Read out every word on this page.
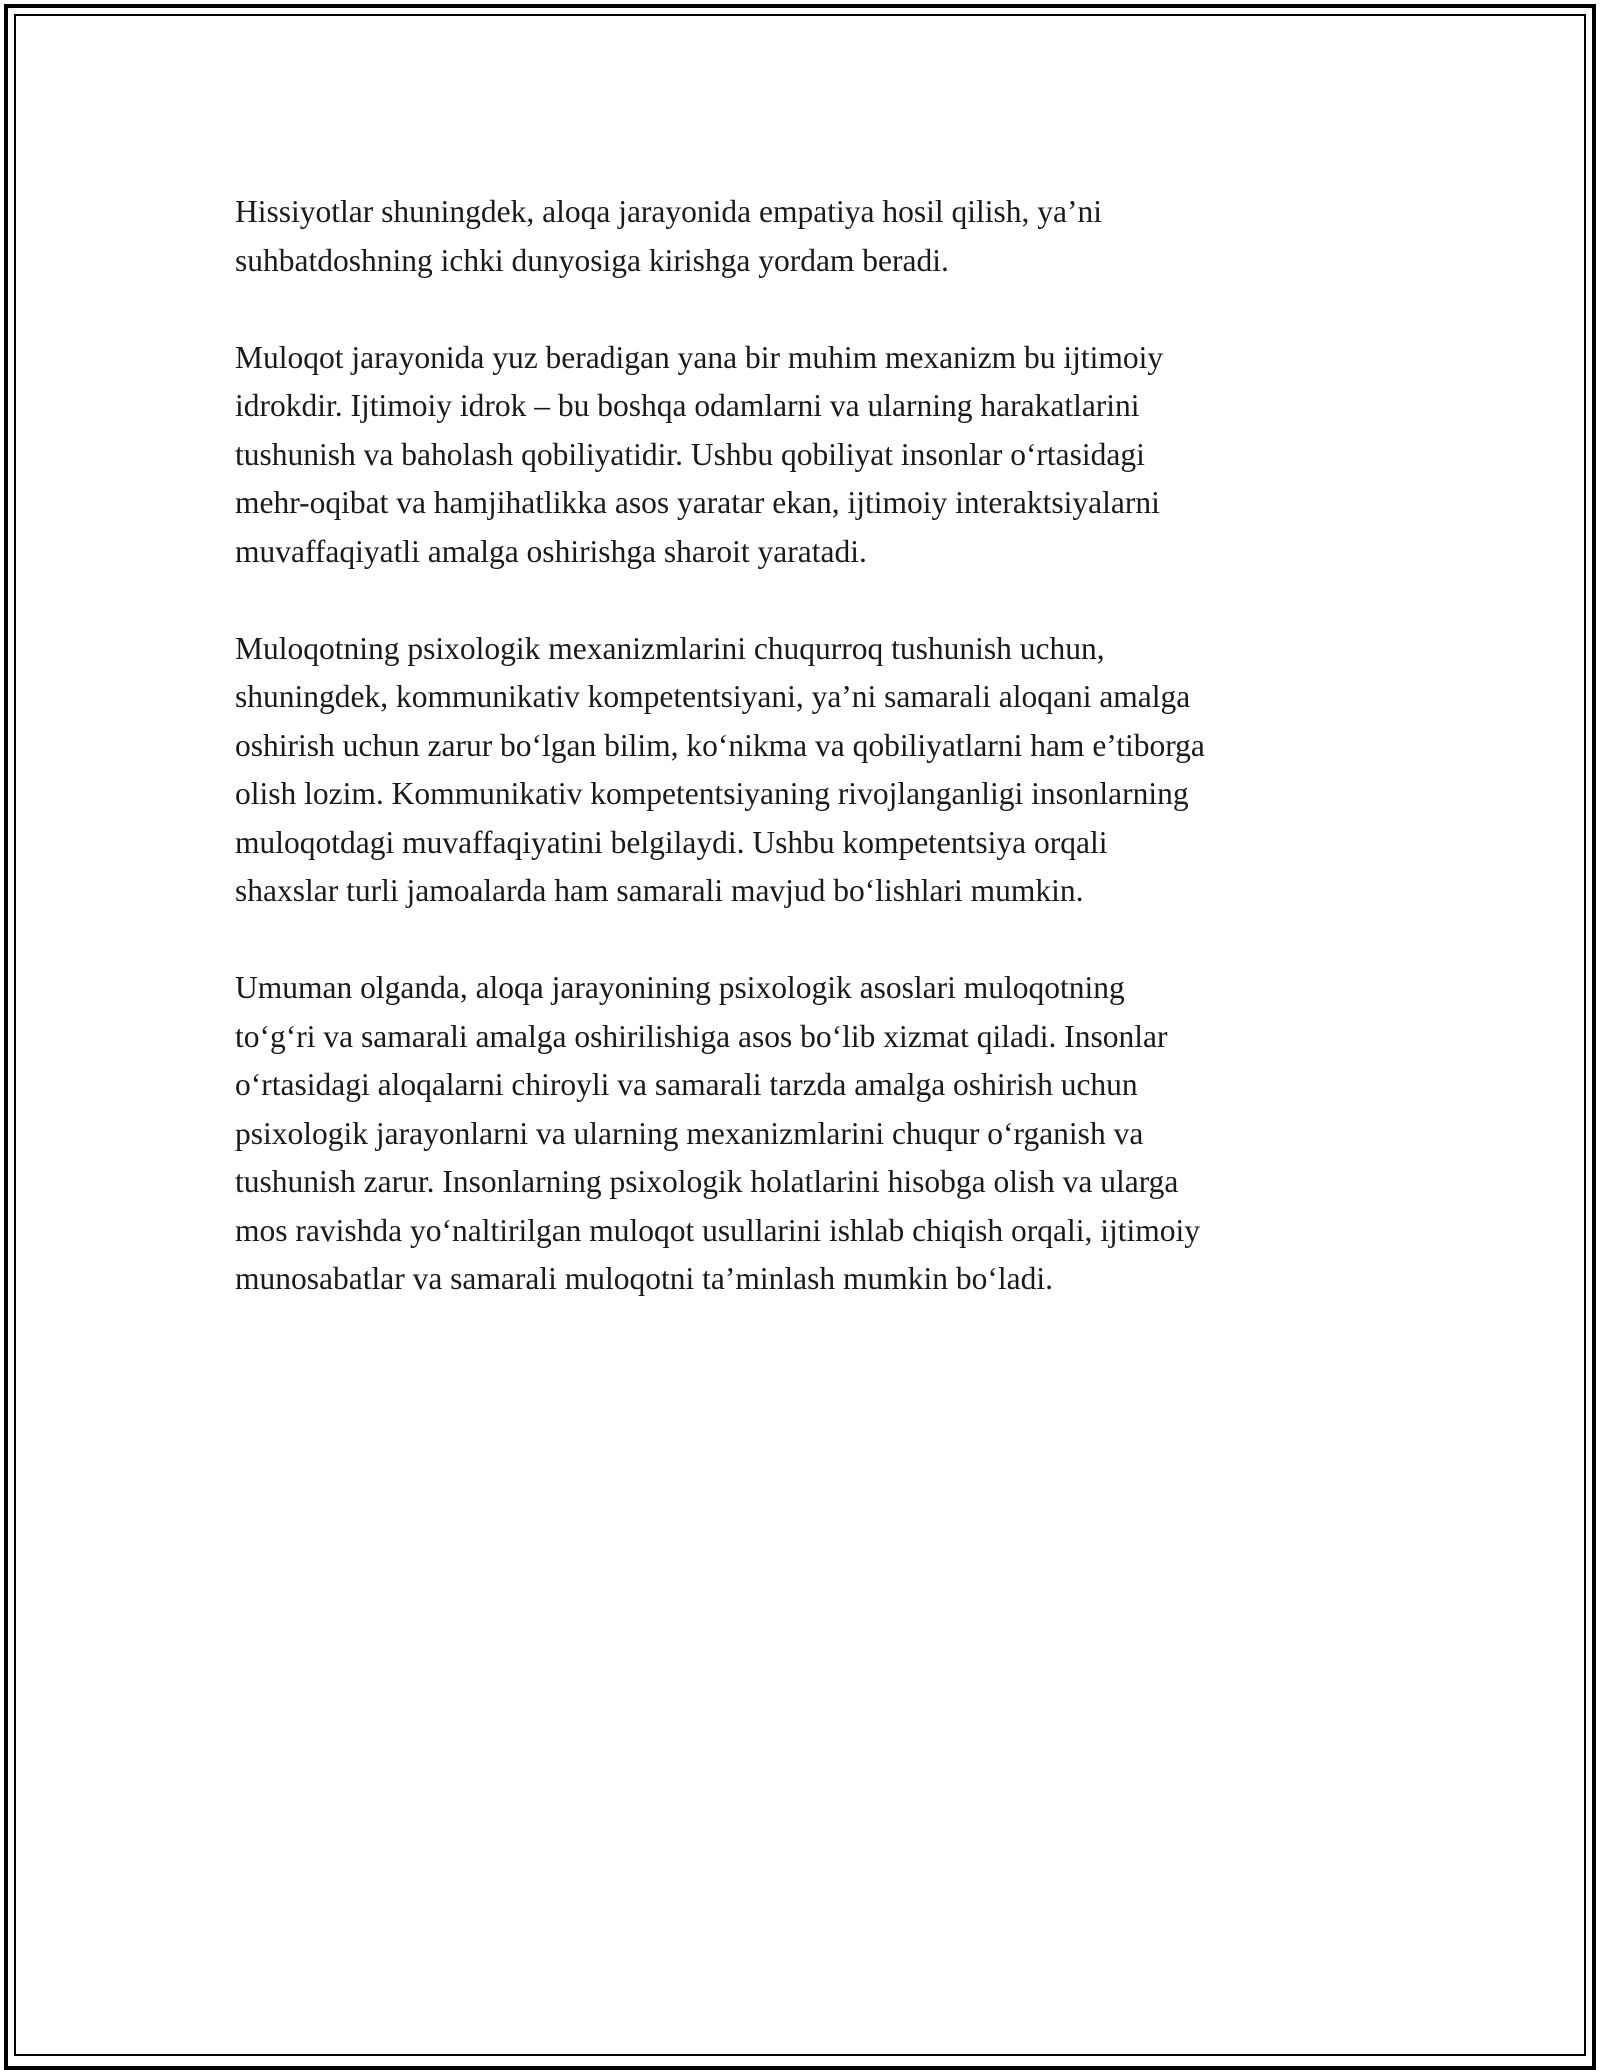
Hissiyotlar shuningdek, aloqa jarayonida empatiya hosil qilish, ya’ni
suhbatdoshning ichki dunyosiga kirishga yordam beradi.

Muloqot jarayonida yuz beradigan yana bir muhim mexanizm bu ijtimoiy
idrokdir. Ijtimoiy idrok – bu boshqa odamlarni va ularning harakatlarini
tushunish va baholash qobiliyatidir. Ushbu qobiliyat insonlar o‘rtasidagi
mehr-oqibat va hamjihatlikka asos yaratar ekan, ijtimoiy interaktsiyalarni
muvaffaqiyatli amalga oshirishga sharoit yaratadi.

Muloqotning psixologik mexanizmlarini chuqurroq tushunish uchun,
shuningdek, kommunikativ kompetentsiyani, ya’ni samarali aloqani amalga
oshirish uchun zarur bo‘lgan bilim, ko‘nikma va qobiliyatlarni ham e’tiborga
olish lozim. Kommunikativ kompetentsiyaning rivojlanganligi insonlarning
muloqotdagi muvaffaqiyatini belgilaydi. Ushbu kompetentsiya orqali
shaxslar turli jamoalarda ham samarali mavjud bo‘lishlari mumkin.

Umuman olganda, aloqa jarayonining psixologik asoslari muloqotning
to‘g‘ri va samarali amalga oshirilishiga asos bo‘lib xizmat qiladi. Insonlar
o‘rtasidagi aloqalarni chiroyli va samarali tarzda amalga oshirish uchun
psixologik jarayonlarni va ularning mexanizmlarini chuqur o‘rganish va
tushunish zarur. Insonlarning psixologik holatlarini hisobga olish va ularga
mos ravishda yo‘naltirilgan muloqot usullarini ishlab chiqish orqali, ijtimoiy
munosabatlar va samarali muloqotni ta’minlash mumkin bo‘ladi.
